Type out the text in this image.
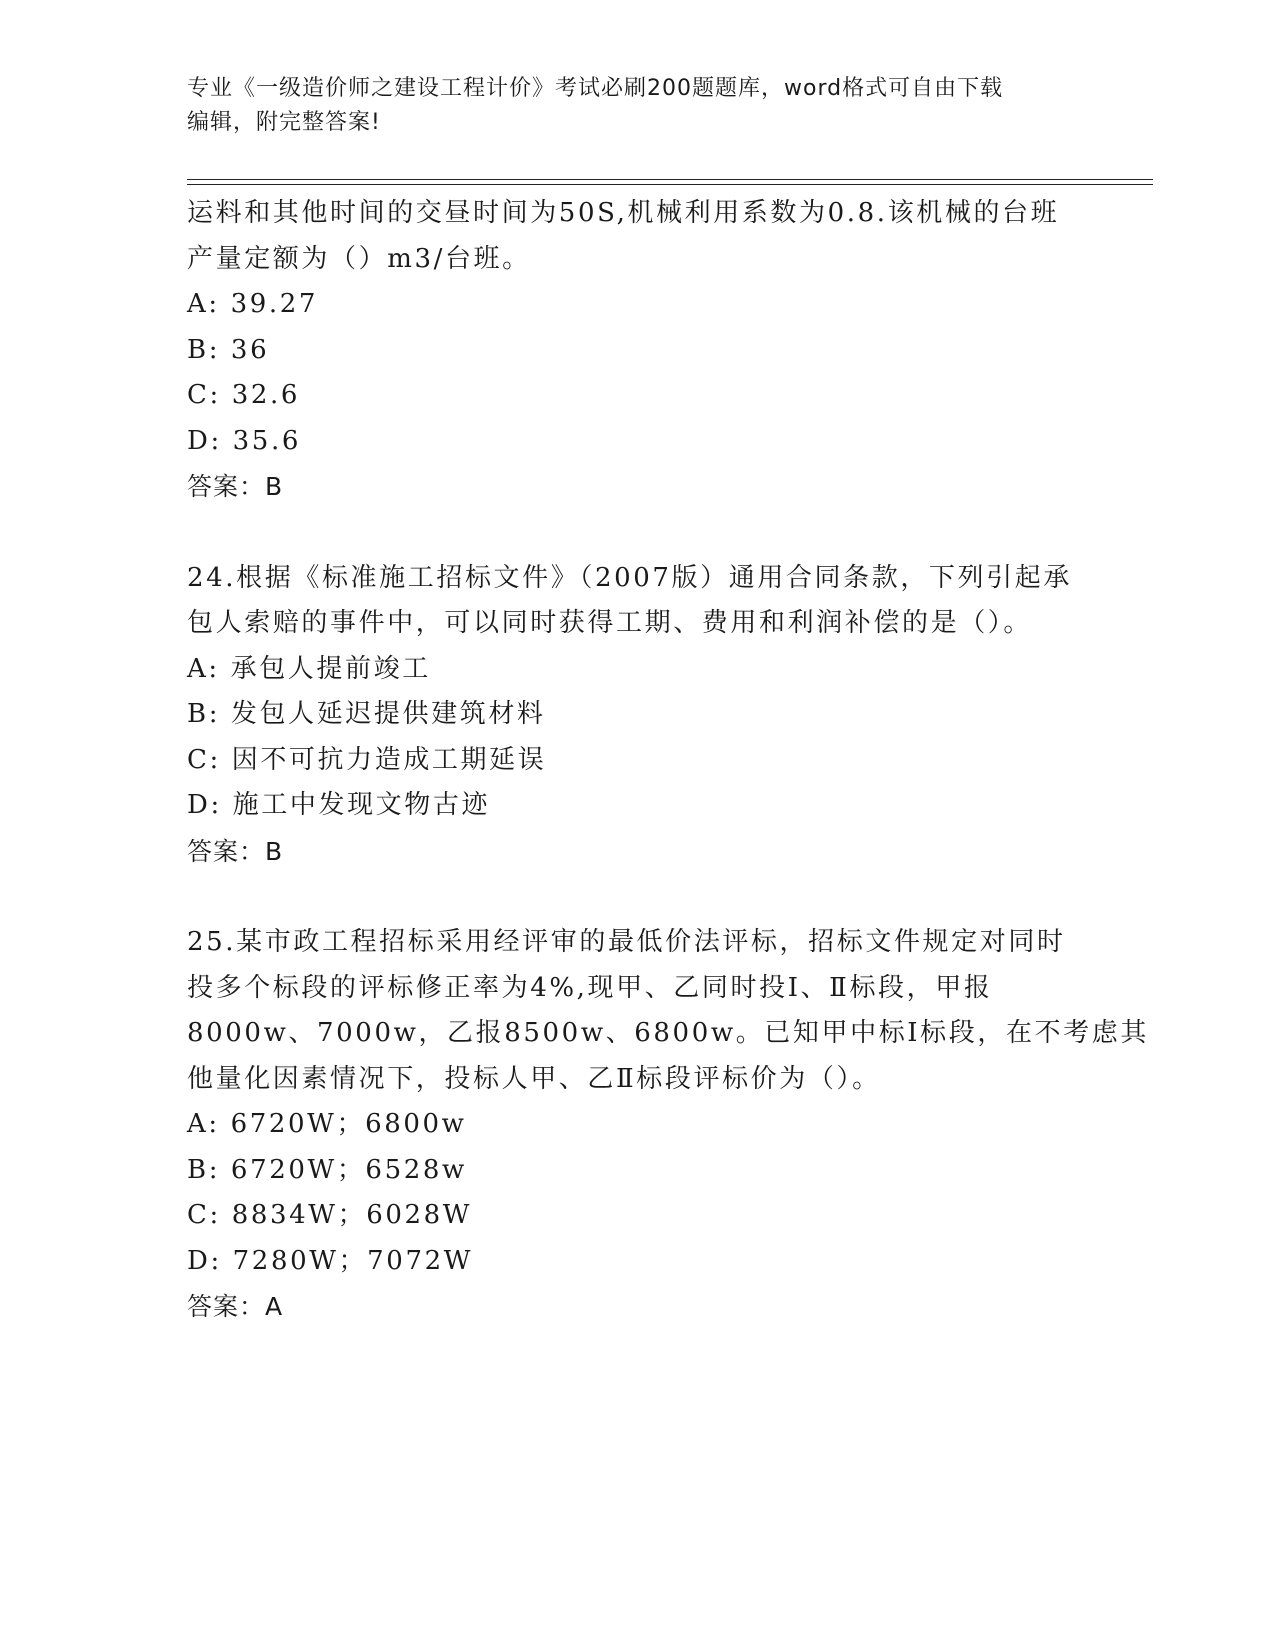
专业《一级造价师之建设工程计价》考试必刷200题题库，word格式可自由下载
编辑，附完整答案!
运料和其他时间的交昼时间为50S,机械利用系数为0.8.该机械的台班
产量定额为（）m3/台班。
A: 39.27
B: 36
C: 32.6
D: 35.6
答案：B
24.根据《标准施工招标文件》（2007版）通用合同条款，下列引起承
包人索赔的事件中，可以同时获得工期、费用和利润补偿的是（）。
A: 承包人提前竣工
B: 发包人延迟提供建筑材料
C: 因不可抗力造成工期延误
D: 施工中发现文物古迹
答案：B
25.某市政工程招标采用经评审的最低价法评标，招标文件规定对同时
投多个标段的评标修正率为4%,现甲、乙同时投Ⅰ、Ⅱ标段，甲报
8000w、7000w，乙报8500w、6800w。已知甲中标Ⅰ标段，在不考虑其
他量化因素情况下，投标人甲、乙Ⅱ标段评标价为（）。
A: 6720W；6800w
B: 6720W；6528w
C: 8834W；6028W
D: 7280W；7072W
答案：A
